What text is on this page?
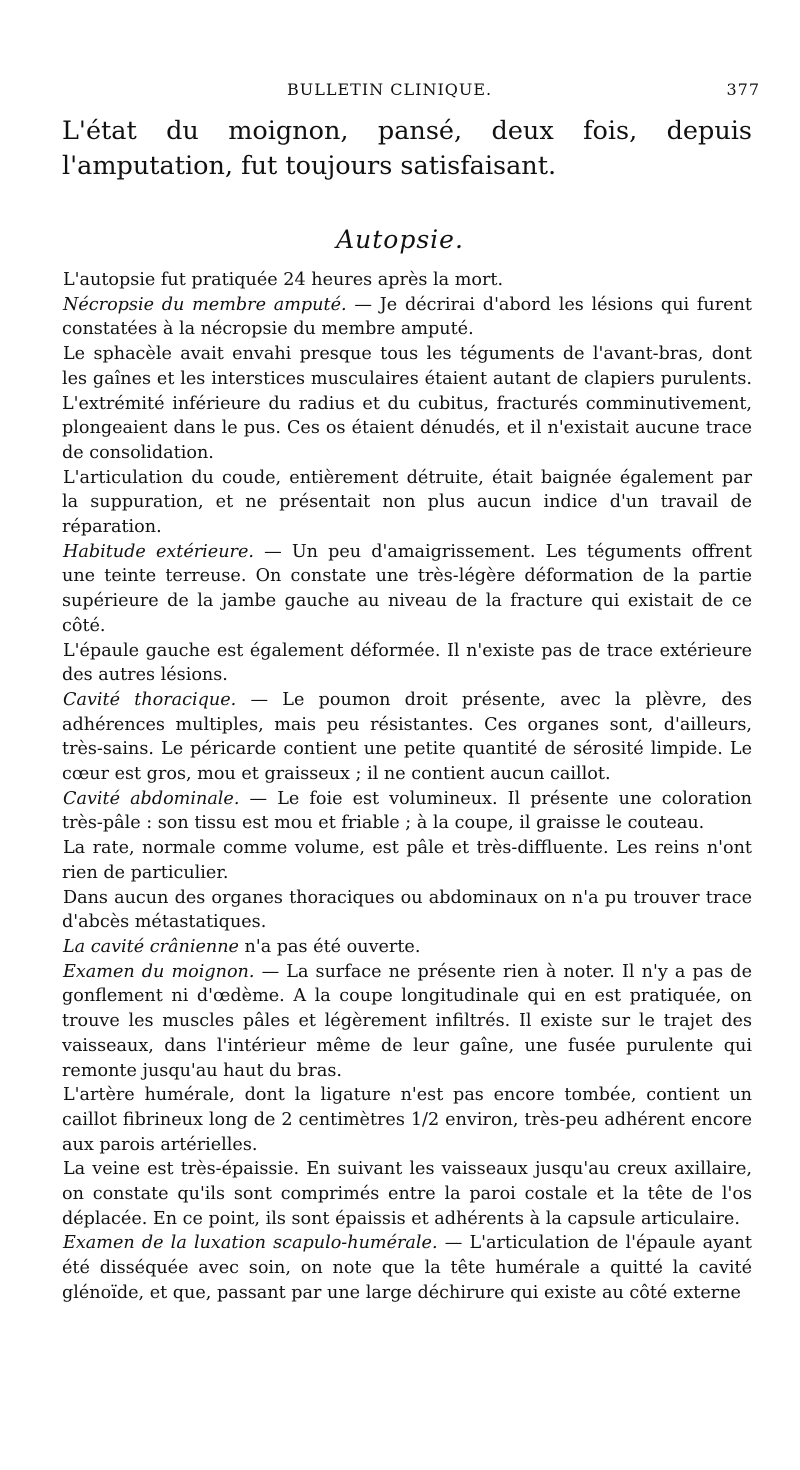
BULLETIN CLINIQUE.	377

L'état du moignon, pansé, deux fois, depuis l'amputation, fut toujours satisfaisant.

Autopsie.

L'autopsie fut pratiquée 24 heures après la mort.

Nécropsie du membre amputé. — Je décrirai d'abord les lésions qui furent constatées à la nécropsie du membre amputé.

Le sphacèle avait envahi presque tous les téguments de l'avant-bras, dont les gaînes et les interstices musculaires étaient autant de clapiers purulents. L'extrémité inférieure du radius et du cubitus, fracturés comminutivement, plongeaient dans le pus. Ces os étaient dénudés, et il n'existait aucune trace de consolidation.

L'articulation du coude, entièrement détruite, était baignée également par la suppuration, et ne présentait non plus aucun indice d'un travail de réparation.

Habitude extérieure. — Un peu d'amaigrissement. Les téguments offrent une teinte terreuse. On constate une très-légère déformation de la partie supérieure de la jambe gauche au niveau de la fracture qui existait de ce côté.

L'épaule gauche est également déformée. Il n'existe pas de trace extérieure des autres lésions.

Cavité thoracique. — Le poumon droit présente, avec la plèvre, des adhérences multiples, mais peu résistantes. Ces organes sont, d'ailleurs, très-sains. Le péricarde contient une petite quantité de sérosité limpide. Le cœur est gros, mou et graisseux ; il ne contient aucun caillot.

Cavité abdominale. — Le foie est volumineux. Il présente une coloration très-pâle : son tissu est mou et friable ; à la coupe, il graisse le couteau.

La rate, normale comme volume, est pâle et très-diffluente. Les reins n'ont rien de particulier.

Dans aucun des organes thoraciques ou abdominaux on n'a pu trouver trace d'abcès métastatiques.

La cavité crânienne n'a pas été ouverte.

Examen du moignon. — La surface ne présente rien à noter. Il n'y a pas de gonflement ni d'œdème. A la coupe longitudinale qui en est pratiquée, on trouve les muscles pâles et légèrement infiltrés. Il existe sur le trajet des vaisseaux, dans l'intérieur même de leur gaîne, une fusée purulente qui remonte jusqu'au haut du bras.

L'artère humérale, dont la ligature n'est pas encore tombée, contient un caillot fibrineux long de 2 centimètres 1/2 environ, très-peu adhérent encore aux parois artérielles.

La veine est très-épaissie. En suivant les vaisseaux jusqu'au creux axillaire, on constate qu'ils sont comprimés entre la paroi costale et la tête de l'os déplacée. En ce point, ils sont épaissis et adhérents à la capsule articulaire.

Examen de la luxation scapulo-humérale. — L'articulation de l'épaule ayant été disséquée avec soin, on note que la tête humérale a quitté la cavité glénoïde, et que, passant par une large déchirure qui existe au côté externe
